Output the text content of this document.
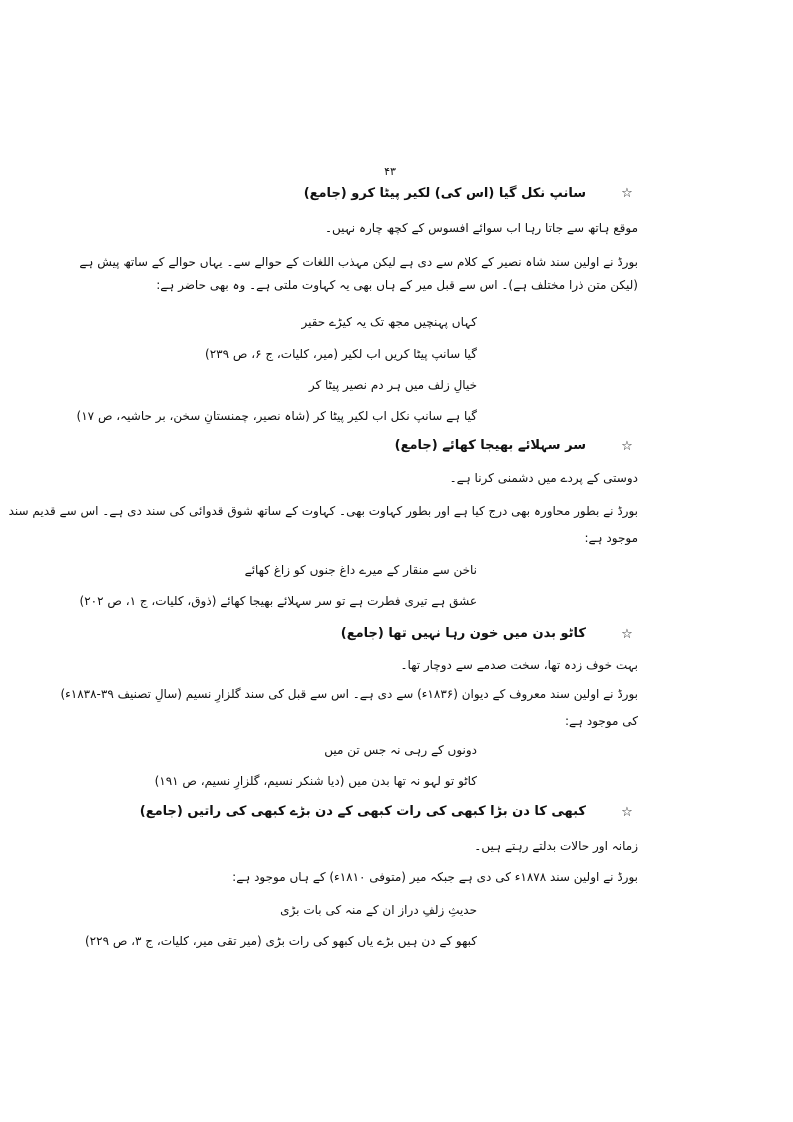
۴۳
☆
سانپ نکل گیا (اس کی) لکیر پیٹا کرو (جامع)
موقع ہاتھ سے جاتا رہا اب سوائے افسوس کے کچھ چارہ نہیں۔
بورڈ نے اولین سند شاہ نصیر کے کلام سے دی ہے لیکن مہذب اللغات کے حوالے سے۔ یہاں حوالے کے ساتھ پیش ہے
(لیکن متن ذرا مختلف ہے)۔ اس سے قبل میر کے ہاں بھی یہ کہاوت ملتی ہے۔ وہ بھی حاضر ہے:
کہاں پہنچیں مجھ تک یہ کیڑے حقیر
گیا سانپ پیٹا کریں اب لکیر (میر، کلیات، ج ۶، ص ۲۳۹)
خیالِ زلف میں ہر دم نصیر پیٹا کر
گیا ہے سانپ نکل اب لکیر پیٹا کر (شاہ نصیر، چمنستانِ سخن، بر حاشیہ، ص ۱۷)
☆
سر سہلائے بھیجا کھائے (جامع)
دوستی کے پردے میں دشمنی کرنا ہے۔
بورڈ نے بطور محاورہ بھی درج کیا ہے اور بطور کہاوت بھی۔ کہاوت کے ساتھ شوق قدوائی کی سند دی ہے۔ اس سے قدیم سند
موجود ہے:
ناخن سے منقار کے میرے داغ جنوں کو زاغ کھائے
عشق ہے تیری فطرت ہے تو سر سہلائے بھیجا کھائے (ذوق، کلیات، ج ۱، ص ۲۰۲)
☆
کاٹو بدن میں خون رہا نہیں تھا (جامع)
بہت خوف زدہ تھا، سخت صدمے سے دوچار تھا۔
بورڈ نے اولین سند معروف کے دیوان (۱۸۳۶ء) سے دی ہے۔ اس سے قبل کی سند گلزارِ نسیم (سالِ تصنیف ۳۹-۱۸۳۸ء)
کی موجود ہے:
دونوں کے رہی نہ جس تن میں
کاٹو تو لہو نہ تھا بدن میں (دیا شنکر نسیم، گلزارِ نسیم، ص ۱۹۱)
☆
کبھی کا دن بڑا کبھی کی رات کبھی کے دن بڑے کبھی کی راتیں (جامع)
زمانہ اور حالات بدلتے رہتے ہیں۔
بورڈ نے اولین سند ۱۸۷۸ء کی دی ہے جبکہ میر (متوفی ۱۸۱۰ء) کے ہاں موجود ہے:
حدیثِ زلفِ دراز ان کے منہ کی بات بڑی
کبھو کے دن ہیں بڑے یاں کبھو کی رات بڑی (میر تقی میر، کلیات، ج ۳، ص ۲۲۹)
